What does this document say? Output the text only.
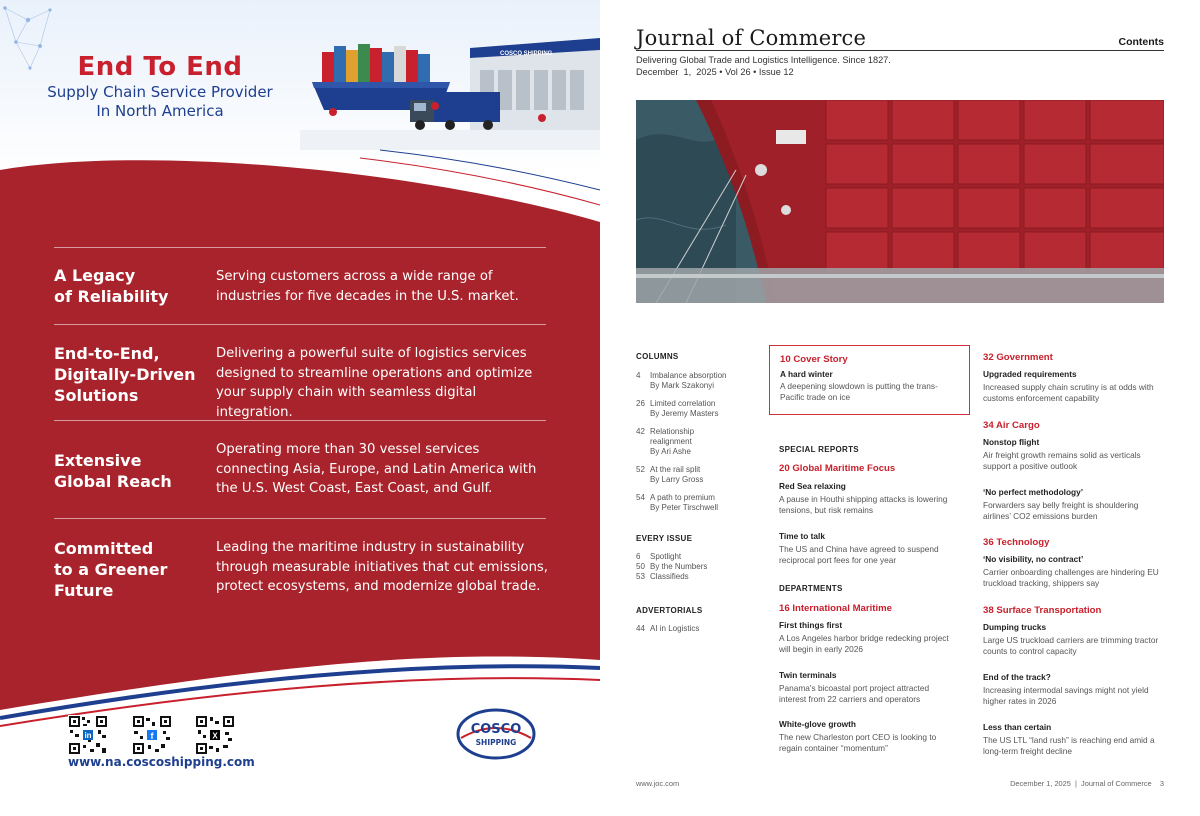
End To End
Supply Chain Service Provider
In North America
COSCO SHIPPING
A Legacy
of Reliability
Serving customers across a wide range of industries for five decades in the U.S. market.
End-to-End,
Digitally-Driven
Solutions
Delivering a powerful suite of logistics services designed to streamline operations and optimize your supply chain with seamless digital integration.
Extensive
Global Reach
Operating more than 30 vessel services connecting Asia, Europe, and Latin America with the U.S. West Coast, East Coast, and Gulf.
Committed
to a Greener
Future
Leading the maritime industry in sustainability through measurable initiatives that cut emissions, protect ecosystems, and modernize global trade.
in	f	X
www.na.coscoshipping.com
COSCO
SHIPPING
Journal of Commerce	Contents
Delivering Global Trade and Logistics Intelligence. Since 1827.
December  1,  2025 • Vol 26 • Issue 12
COLUMNS
4	Imbalance absorption
By Mark Szakonyi
26 Limited correlation
By Jeremy Masters
42 Relationship
realignment
By Ari Ashe
52 At the rail split
By Larry Gross
54 A path to premium
By Peter Tirschwell
EVERY ISSUE
6	Spotlight
50 By the Numbers
53 Classifieds
ADVERTORIALS
44 AI in Logistics
10 Cover Story
A hard winter
A deepening slowdown is putting the trans-Pacific trade on ice
SPECIAL REPORTS
20 Global Maritime Focus
Red Sea relaxing
A pause in Houthi shipping attacks is lowering tensions, but risk remains
Time to talk
The US and China have agreed to suspend reciprocal port fees for one year
DEPARTMENTS
16 International Maritime
First things first
A Los Angeles harbor bridge redecking project will begin in early 2026
Twin terminals
Panama's bicoastal port project attracted interest from 22 carriers and operators
White-glove growth
The new Charleston port CEO is looking to regain container “momentum”
32 Government
Upgraded requirements
Increased supply chain scrutiny is at odds with customs enforcement capability
34 Air Cargo
Nonstop flight
Air freight growth remains solid as verticals support a positive outlook
‘No perfect methodology’
Forwarders say belly freight is shouldering airlines’ CO2 emissions burden
36 Technology
‘No visibility, no contract’
Carrier onboarding challenges are hindering EU truckload tracking, shippers say
38 Surface Transportation
Dumping trucks
Large US truckload carriers are trimming tractor counts to control capacity
End of the track?
Increasing intermodal savings might not yield higher rates in 2026
Less than certain
The US LTL “land rush” is reaching end amid a long-term freight decline
www.joc.com	December 1, 2025  |  Journal of Commerce    3
